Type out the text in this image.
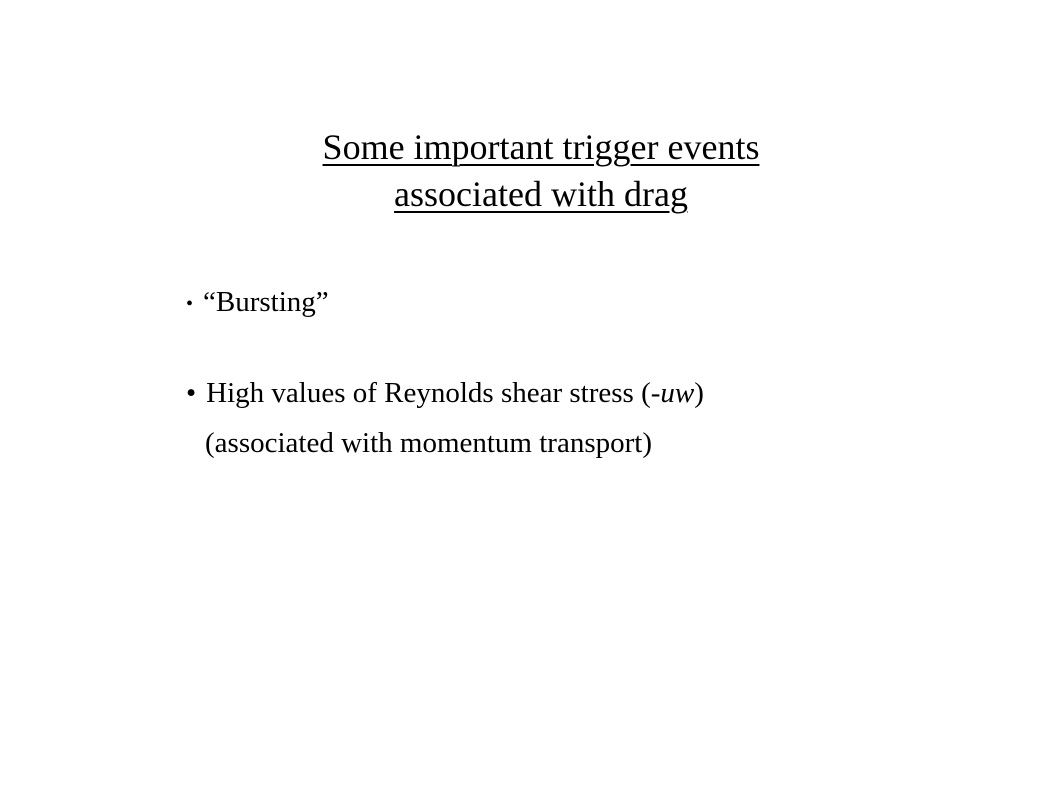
Some important trigger events
associated with drag
• “Bursting”
• High values of Reynolds shear stress (-uw)
(associated with momentum transport)
